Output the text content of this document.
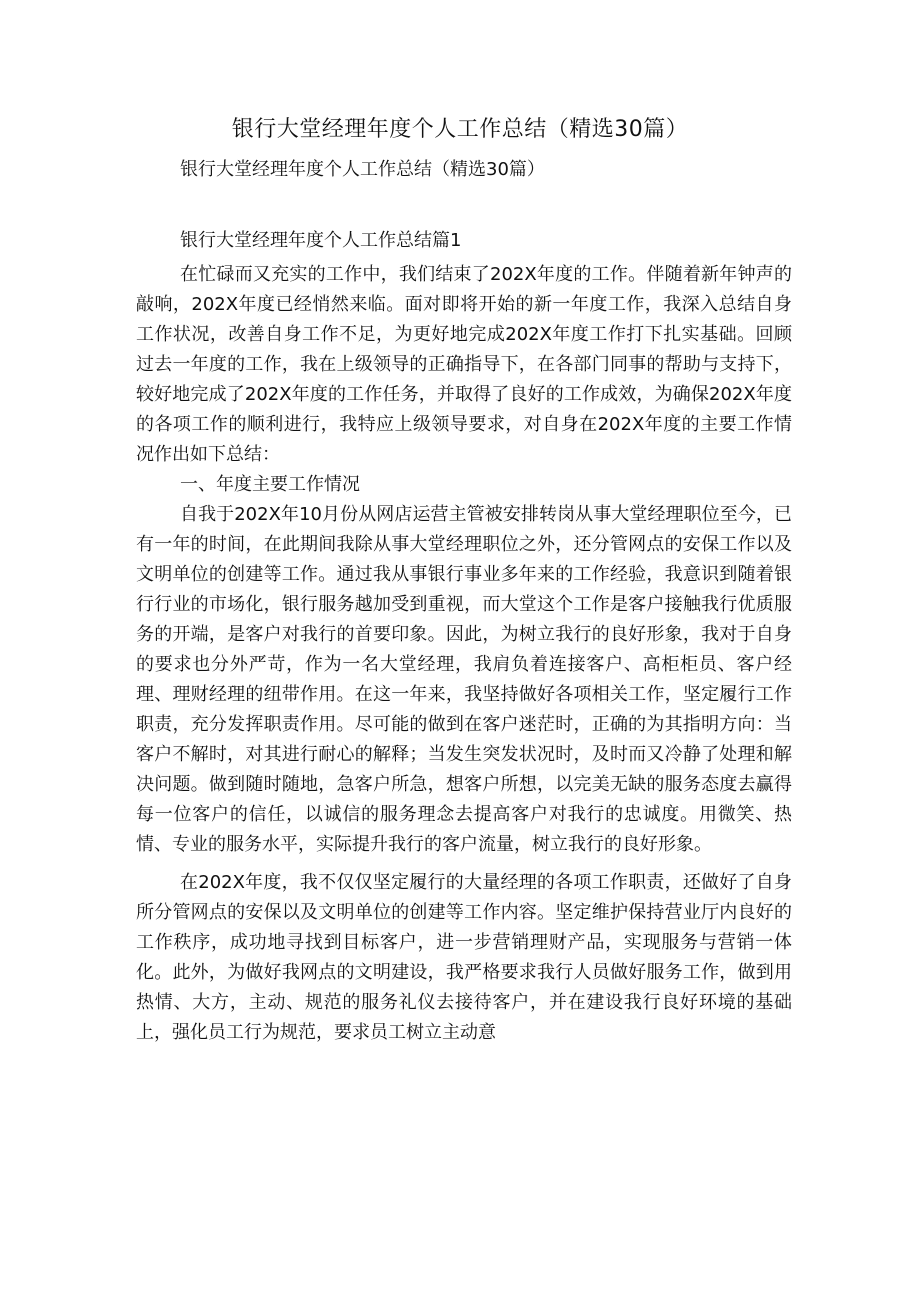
银行大堂经理年度个人工作总结（精选30篇）

银行大堂经理年度个人工作总结（精选30篇）

银行大堂经理年度个人工作总结篇1

在忙碌而又充实的工作中，我们结束了202X年度的工作。伴随着新年钟声的敲响，202X年度已经悄然来临。面对即将开始的新一年度工作，我深入总结自身工作状况，改善自身工作不足，为更好地完成202X年度工作打下扎实基础。回顾过去一年度的工作，我在上级领导的正确指导下，在各部门同事的帮助与支持下，较好地完成了202X年度的工作任务，并取得了良好的工作成效，为确保202X年度的各项工作的顺利进行，我特应上级领导要求，对自身在202X年度的主要工作情况作出如下总结：

一、年度主要工作情况

自我于202X年10月份从网店运营主管被安排转岗从事大堂经理职位至今，已有一年的时间，在此期间我除从事大堂经理职位之外，还分管网点的安保工作以及文明单位的创建等工作。通过我从事银行事业多年来的工作经验，我意识到随着银行行业的市场化，银行服务越加受到重视，而大堂这个工作是客户接触我行优质服务的开端，是客户对我行的首要印象。因此，为树立我行的良好形象，我对于自身的要求也分外严苛，作为一名大堂经理，我肩负着连接客户、高柜柜员、客户经理、理财经理的纽带作用。在这一年来，我坚持做好各项相关工作，坚定履行工作职责，充分发挥职责作用。尽可能的做到在客户迷茫时，正确的为其指明方向：当客户不解时，对其进行耐心的解释；当发生突发状况时，及时而又冷静了处理和解决问题。做到随时随地，急客户所急，想客户所想，以完美无缺的服务态度去赢得每一位客户的信任，以诚信的服务理念去提高客户对我行的忠诚度。用微笑、热情、专业的服务水平，实际提升我行的客户流量，树立我行的良好形象。

在202X年度，我不仅仅坚定履行的大量经理的各项工作职责，还做好了自身所分管网点的安保以及文明单位的创建等工作内容。坚定维护保持营业厅内良好的工作秩序，成功地寻找到目标客户，进一步营销理财产品，实现服务与营销一体化。此外，为做好我网点的文明建设，我严格要求我行人员做好服务工作，做到用热情、大方，主动、规范的服务礼仪去接待客户，并在建设我行良好环境的基础上，强化员工行为规范，要求员工树立主动意
